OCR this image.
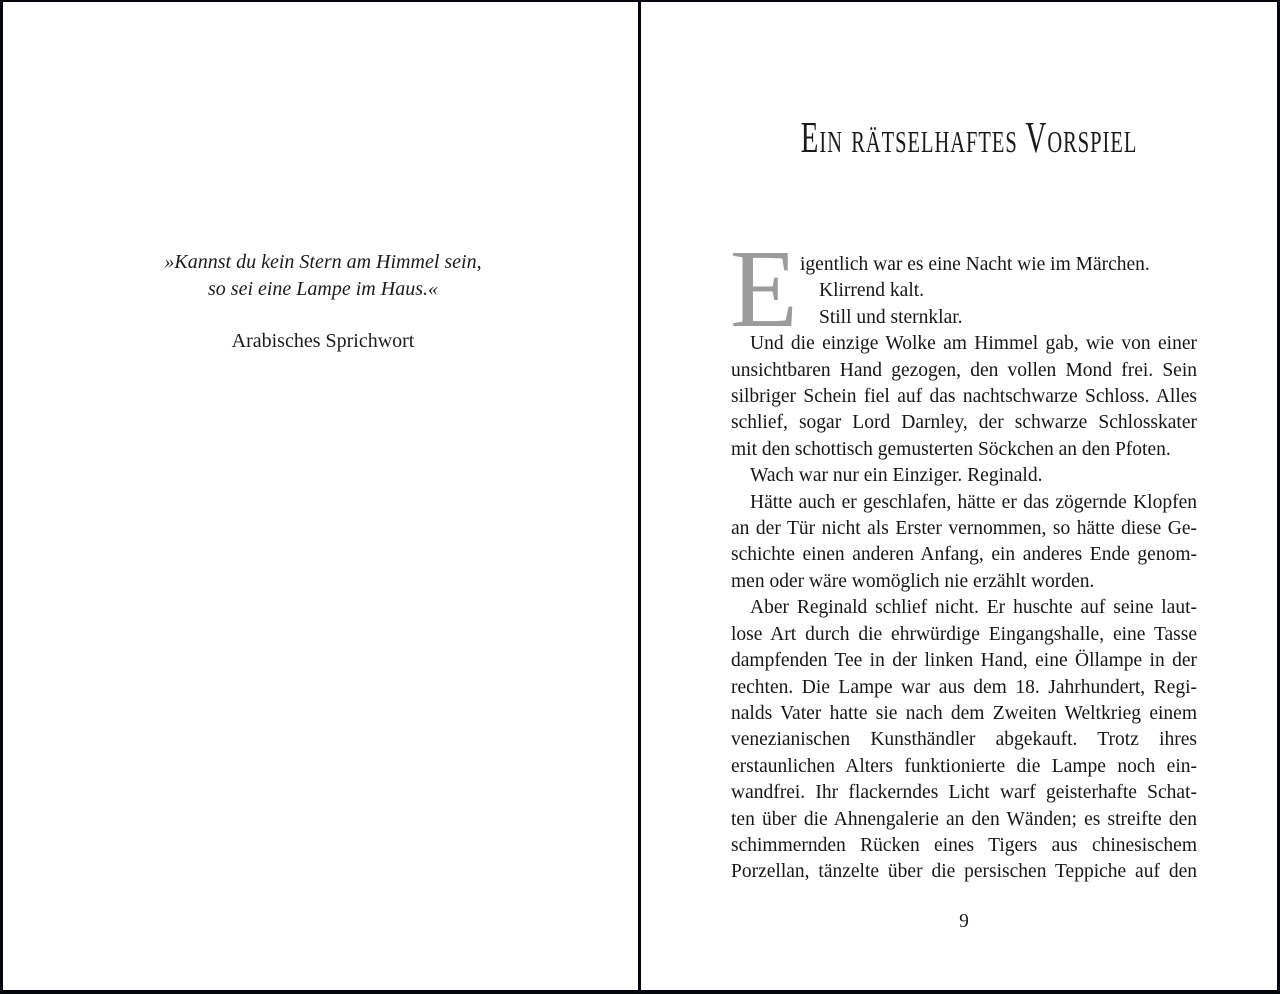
»Kannst du kein Stern am Himmel sein,
so sei eine Lampe im Haus.«
Arabisches Sprichwort
Ein rätselhaftes Vorspiel
E igentlich war es eine Nacht wie im Märchen.
Klirrend kalt.
Still und sternklar.
Und die einzige Wolke am Himmel gab, wie von einer
unsichtbaren Hand gezogen, den vollen Mond frei. Sein
silbriger Schein fiel auf das nachtschwarze Schloss. Alles
schlief, sogar Lord Darnley, der schwarze Schlosskater
mit den schottisch gemusterten Söckchen an den Pfoten.
Wach war nur ein Einziger. Reginald.
Hätte auch er geschlafen, hätte er das zögernde Klopfen
an der Tür nicht als Erster vernommen, so hätte diese Ge-
schichte einen anderen Anfang, ein anderes Ende genom-
men oder wäre womöglich nie erzählt worden.
Aber Reginald schlief nicht. Er huschte auf seine laut-
lose Art durch die ehrwürdige Eingangshalle, eine Tasse
dampfenden Tee in der linken Hand, eine Öllampe in der
rechten. Die Lampe war aus dem 18. Jahrhundert, Regi-
nalds Vater hatte sie nach dem Zweiten Weltkrieg einem
venezianischen Kunsthändler abgekauft. Trotz ihres
erstaunlichen Alters funktionierte die Lampe noch ein-
wandfrei. Ihr flackerndes Licht warf geisterhafte Schat-
ten über die Ahnengalerie an den Wänden; es streifte den
schimmernden Rücken eines Tigers aus chinesischem
Porzellan, tänzelte über die persischen Teppiche auf den
9
